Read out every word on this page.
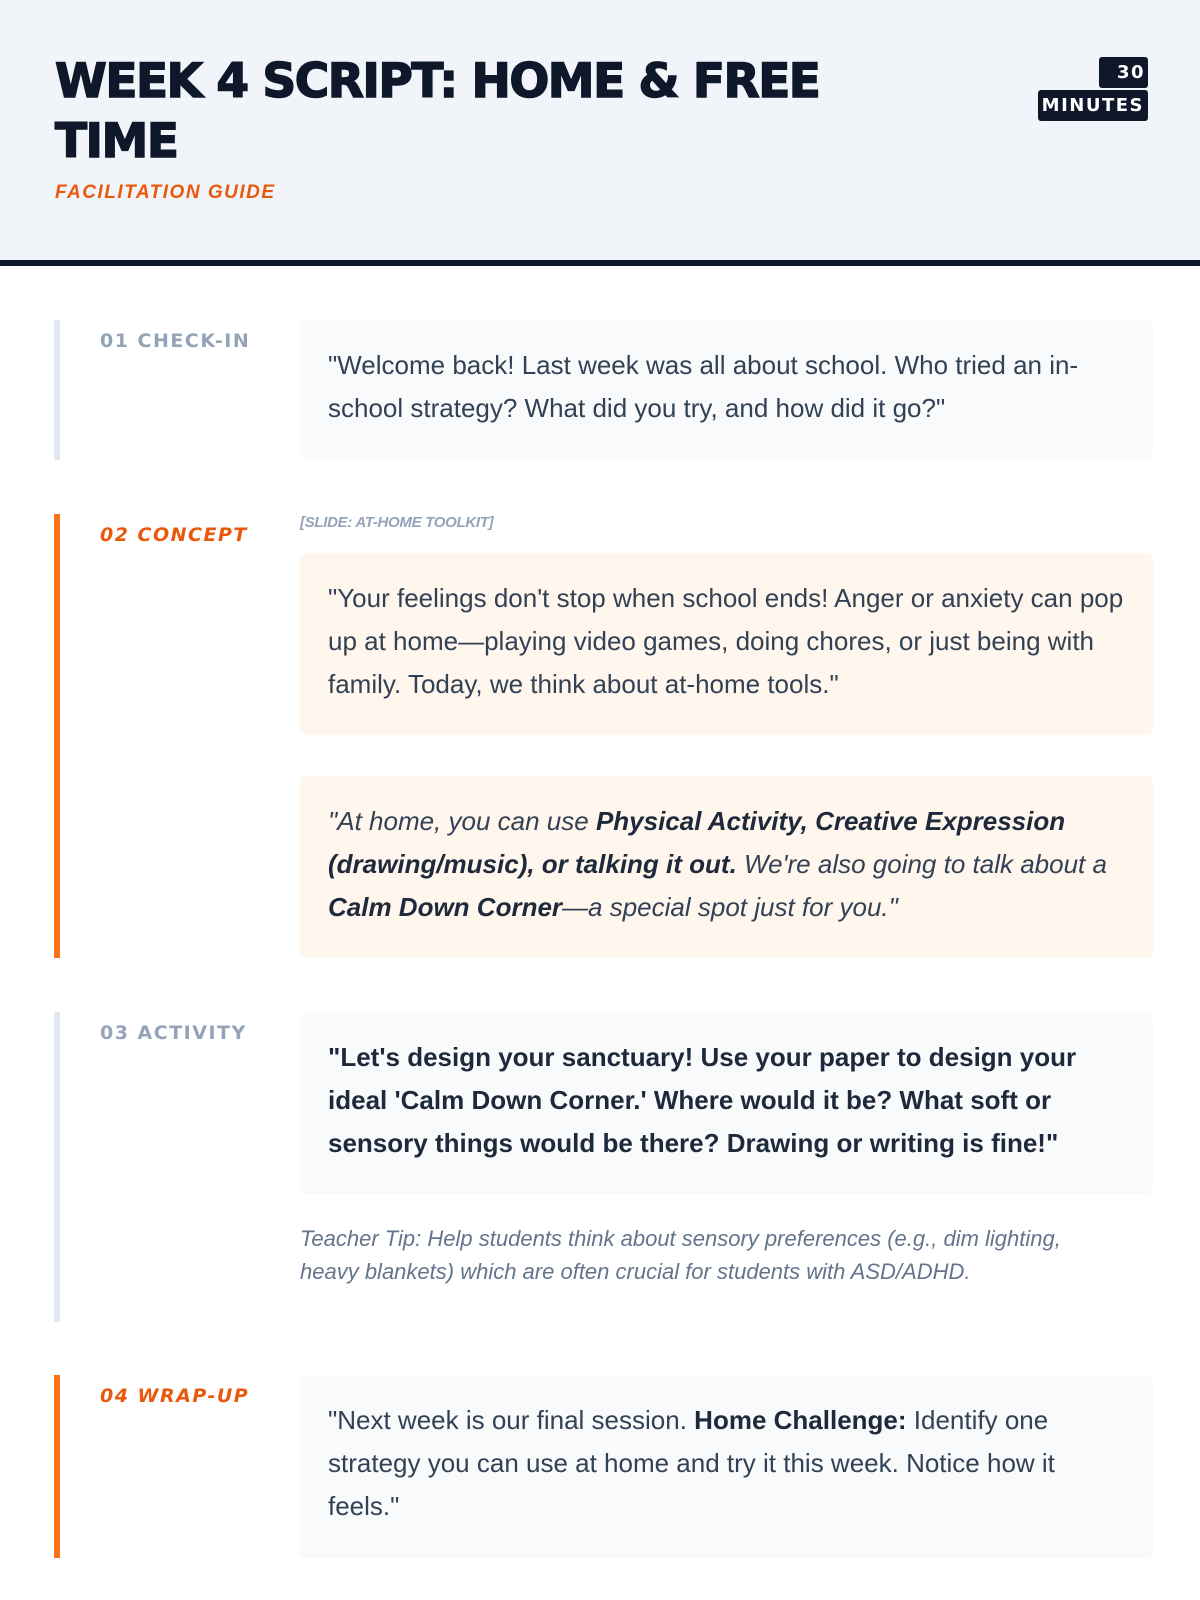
WEEK 4 SCRIPT: HOME & FREE TIME
FACILITATION GUIDE
30
MINUTES
01 CHECK-IN
"Welcome back! Last week was all about school. Who tried an in-school strategy? What did you try, and how did it go?"
02 CONCEPT
[SLIDE: AT-HOME TOOLKIT]
"Your feelings don't stop when school ends! Anger or anxiety can pop up at home—playing video games, doing chores, or just being with family. Today, we think about at-home tools."
"At home, you can use Physical Activity, Creative Expression (drawing/music), or talking it out. We're also going to talk about a Calm Down Corner—a special spot just for you."
03 ACTIVITY
"Let's design your sanctuary! Use your paper to design your ideal 'Calm Down Corner.' Where would it be? What soft or sensory things would be there? Drawing or writing is fine!"
Teacher Tip: Help students think about sensory preferences (e.g., dim lighting, heavy blankets) which are often crucial for students with ASD/ADHD.
04 WRAP-UP
"Next week is our final session. Home Challenge: Identify one strategy you can use at home and try it this week. Notice how it feels."
